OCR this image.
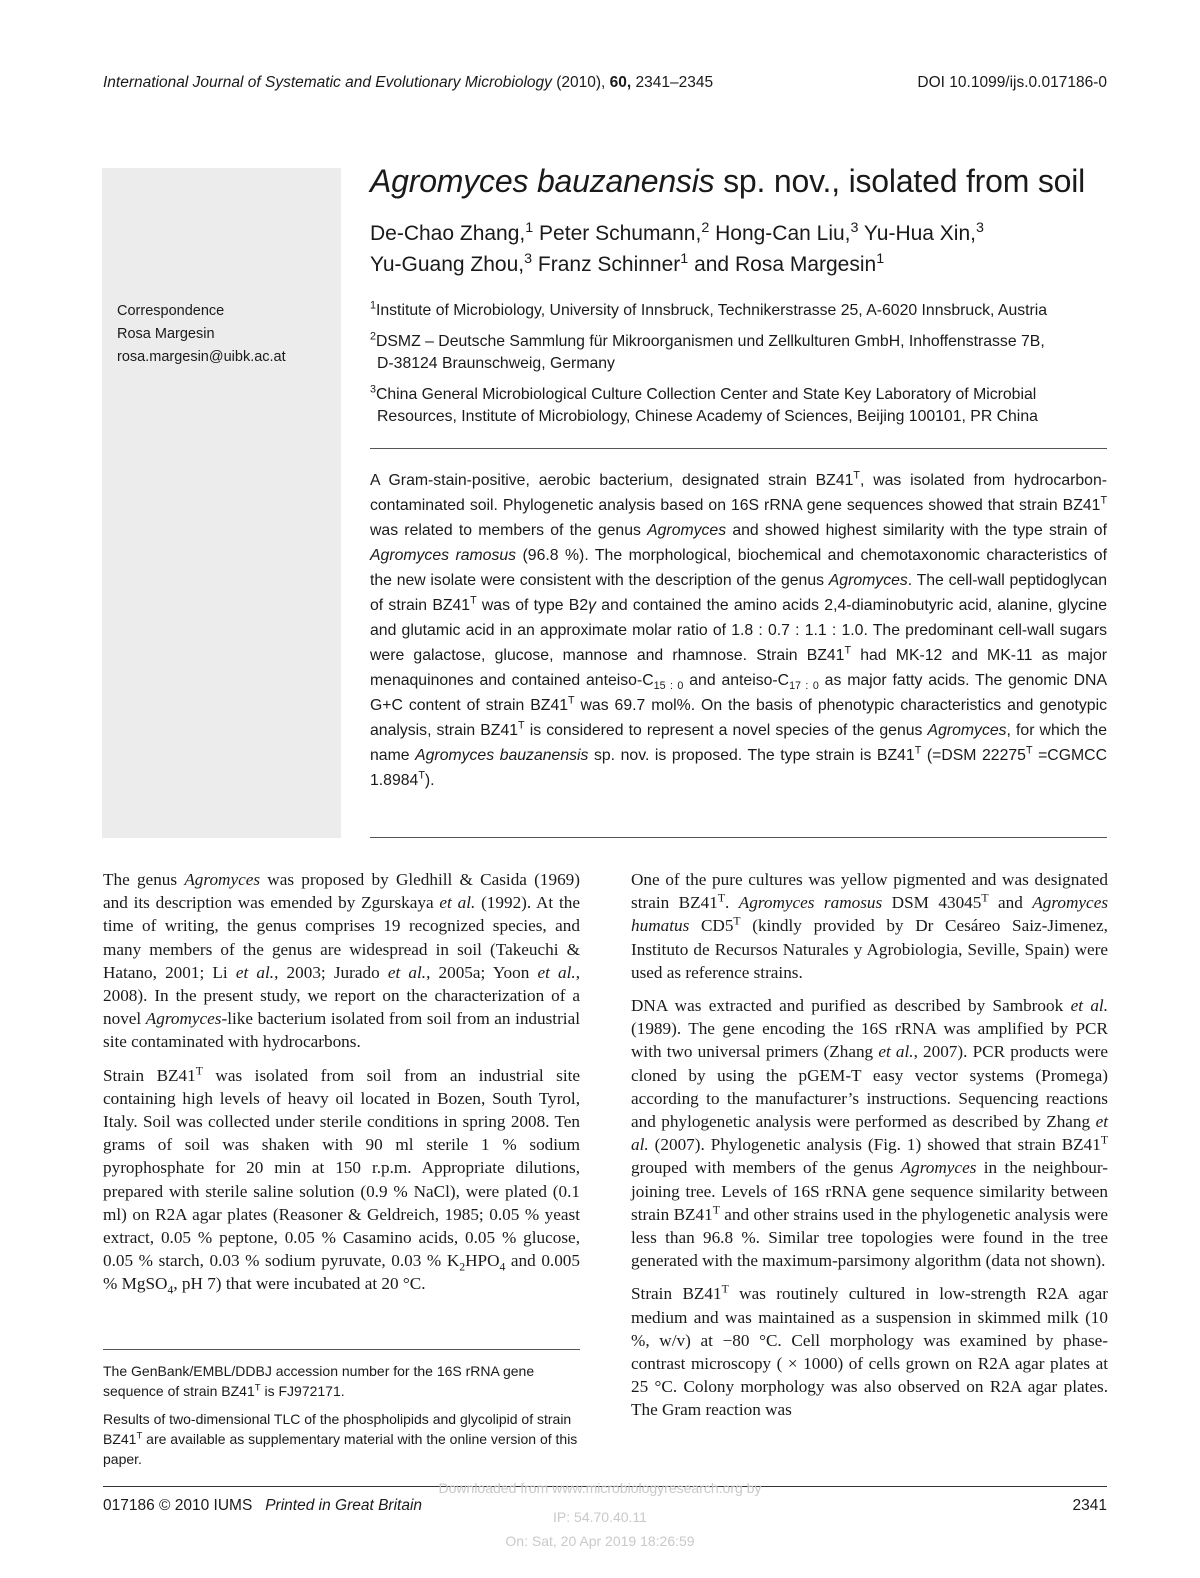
International Journal of Systematic and Evolutionary Microbiology (2010), 60, 2341–2345	DOI 10.1099/ijs.0.017186-0
Correspondence
Rosa Margesin
rosa.margesin@uibk.ac.at
Agromyces bauzanensis sp. nov., isolated from soil
De-Chao Zhang,$^1$ Peter Schumann,$^2$ Hong-Can Liu,$^3$ Yu-Hua Xin,$^3$
Yu-Guang Zhou,$^3$ Franz Schinner$^1$ and Rosa Margesin$^1$

$^1$Institute of Microbiology, University of Innsbruck, Technikerstrasse 25, A-6020 Innsbruck, Austria

$^2$DSMZ – Deutsche Sammlung für Mikroorganismen und Zellkulturen GmbH, Inhoffenstrasse 7B,
D-38124 Braunschweig, Germany

$^3$China General Microbiological Culture Collection Center and State Key Laboratory of Microbial
Resources, Institute of Microbiology, Chinese Academy of Sciences, Beijing 100101, PR China

A Gram-stain-positive, aerobic bacterium, designated strain $BZ41^T$, was isolated from hydrocarbon-contaminated soil. Phylogenetic analysis based on 16S rRNA gene sequences showed that strain $BZ41^T$ was related to members of the genus Agromyces and showed highest similarity with the type strain of Agromyces ramosus (96.8 %). The morphological, biochemical and chemotaxonomic characteristics of the new isolate were consistent with the description of the genus Agromyces. The cell-wall peptidoglycan of strain $BZ41^T$ was of type B2γ and contained the amino acids 2,4-diaminobutyric acid, alanine, glycine and glutamic acid in an approximate molar ratio of 1.8 : 0.7 : 1.1 : 1.0. The predominant cell-wall sugars were galactose, glucose, mannose and rhamnose. Strain $BZ41^T$ had MK-12 and MK-11 as major menaquinones and contained anteiso-$C_{15 : 0}$ and anteiso-$C_{17 : 0}$ as major fatty acids. The genomic DNA G+C content of strain $BZ41^T$ was 69.7 mol%. On the basis of phenotypic characteristics and genotypic analysis, strain $BZ41^T$ is considered to represent a novel species of the genus Agromyces, for which the name Agromyces bauzanensis sp. nov. is proposed. The type strain is $BZ41^T$ (=DSM $22275^T$ =CGMCC $1.8984^T$).

The genus Agromyces was proposed by Gledhill & Casida (1969) and its description was emended by Zgurskaya et al. (1992). At the time of writing, the genus comprises 19 recognized species, and many members of the genus are widespread in soil (Takeuchi & Hatano, 2001; Li et al., 2003; Jurado et al., 2005a; Yoon et al., 2008). In the present study, we report on the characterization of a novel Agromyces-like bacterium isolated from soil from an industrial site contaminated with hydrocarbons.

Strain $BZ41^T$ was isolated from soil from an industrial site containing high levels of heavy oil located in Bozen, South Tyrol, Italy. Soil was collected under sterile conditions in spring 2008. Ten grams of soil was shaken with 90 ml sterile 1 % sodium pyrophosphate for 20 min at 150 r.p.m. Appropriate dilutions, prepared with sterile saline solution (0.9 % NaCl), were plated (0.1 ml) on R2A agar plates (Reasoner & Geldreich, 1985; 0.05 % yeast extract, 0.05 % peptone, 0.05 % Casamino acids, 0.05 % glucose, 0.05 % starch, 0.03 % sodium pyruvate, 0.03 % $K_2HPO_4$ and 0.005 % MgSO$_4$, pH 7) that were incubated at 20 °C.

The GenBank/EMBL/DDBJ accession number for the 16S rRNA gene sequence of strain $BZ41^T$ is FJ972171.

Results of two-dimensional TLC of the phospholipids and glycolipid of strain $BZ41^T$ are available as supplementary material with the online version of this paper.

One of the pure cultures was yellow pigmented and was designated strain $BZ41^T$. Agromyces ramosus DSM $43045^T$ and Agromyces humatus $CD5^T$ (kindly provided by Dr Cesáreo Saiz-Jimenez, Instituto de Recursos Naturales y Agrobiologia, Seville, Spain) were used as reference strains.

DNA was extracted and purified as described by Sambrook et al. (1989). The gene encoding the 16S rRNA was amplified by PCR with two universal primers (Zhang et al., 2007). PCR products were cloned by using the pGEM-T easy vector systems (Promega) according to the manufacturer’s instructions. Sequencing reactions and phylogenetic analysis were performed as described by Zhang et al. (2007). Phylogenetic analysis (Fig. 1) showed that strain $BZ41^T$ grouped with members of the genus Agromyces in the neighbour-joining tree. Levels of 16S rRNA gene sequence similarity between strain $BZ41^T$ and other strains used in the phylogenetic analysis were less than 96.8 %. Similar tree topologies were found in the tree generated with the maximum-parsimony algorithm (data not shown).

Strain $BZ41^T$ was routinely cultured in low-strength R2A agar medium and was maintained as a suspension in skimmed milk (10 %, w/v) at −80 °C. Cell morphology was examined by phase-contrast microscopy ( × 1000) of cells grown on R2A agar plates at 25 °C. Colony morphology was also observed on R2A agar plates. The Gram reaction was

017186 © 2010 IUMS Printed in Great Britain	2341
Downloaded from www.microbiologyresearch.org by
IP: 54.70.40.11
On: Sat, 20 Apr 2019 18:26:59
